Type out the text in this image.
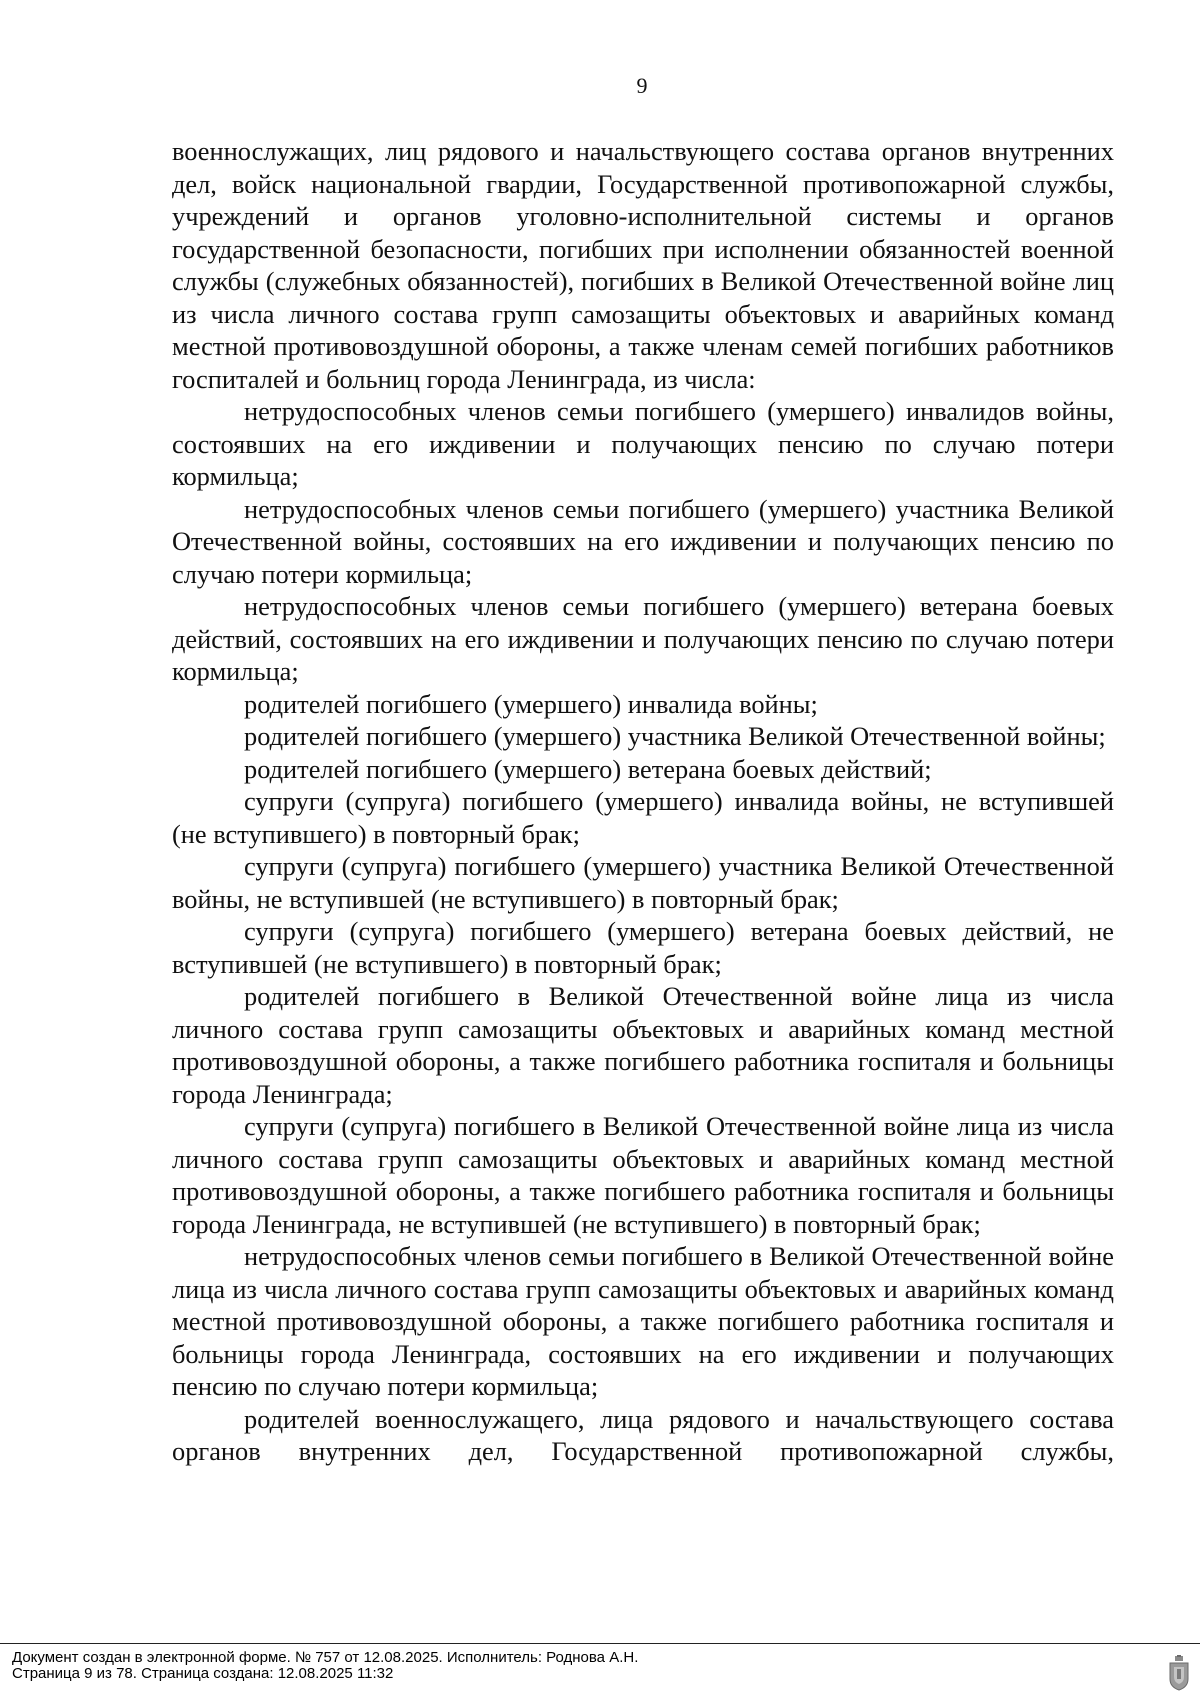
9

военнослужащих, лиц рядового и начальствующего состава органов внутренних дел, войск национальной гвардии, Государственной противопожарной службы, учреждений и органов уголовно-исполнительной системы и органов государственной безопасности, погибших при исполнении обязанностей военной службы (служебных обязанностей), погибших в Великой Отечественной войне лиц из числа личного состава групп самозащиты объектовых и аварийных команд местной противовоздушной обороны, а также членам семей погибших работников госпиталей и больниц города Ленинграда, из числа:

нетрудоспособных членов семьи погибшего (умершего) инвалидов войны, состоявших на его иждивении и получающих пенсию по случаю потери кормильца;

нетрудоспособных членов семьи погибшего (умершего) участника Великой Отечественной войны, состоявших на его иждивении и получающих пенсию по случаю потери кормильца;

нетрудоспособных членов семьи погибшего (умершего) ветерана боевых действий, состоявших на его иждивении и получающих пенсию по случаю потери кормильца;

родителей погибшего (умершего) инвалида войны;

родителей погибшего (умершего) участника Великой Отечественной войны;

родителей погибшего (умершего) ветерана боевых действий;

супруги (супруга) погибшего (умершего) инвалида войны, не вступившей (не вступившего) в повторный брак;

супруги (супруга) погибшего (умершего) участника Великой Отечественной войны, не вступившей (не вступившего) в повторный брак;

супруги (супруга) погибшего (умершего) ветерана боевых действий, не вступившей (не вступившего) в повторный брак;

родителей погибшего в Великой Отечественной войне лица из числа личного состава групп самозащиты объектовых и аварийных команд местной противовоздушной обороны, а также погибшего работника госпиталя и больницы города Ленинграда;

супруги (супруга) погибшего в Великой Отечественной войне лица из числа личного состава групп самозащиты объектовых и аварийных команд местной противовоздушной обороны, а также погибшего работника госпиталя и больницы города Ленинграда, не вступившей (не вступившего) в повторный брак;

нетрудоспособных членов семьи погибшего в Великой Отечественной войне лица из числа личного состава групп самозащиты объектовых и аварийных команд местной противовоздушной обороны, а также погибшего работника госпиталя и больницы города Ленинграда, состоявших на его иждивении и получающих пенсию по случаю потери кормильца;

родителей военнослужащего, лица рядового и начальствующего состава органов внутренних дел, Государственной противопожарной службы,

Документ создан в электронной форме. № 757 от 12.08.2025. Исполнитель: Роднова А.Н.
Страница 9 из 78. Страница создана: 12.08.2025 11:32
